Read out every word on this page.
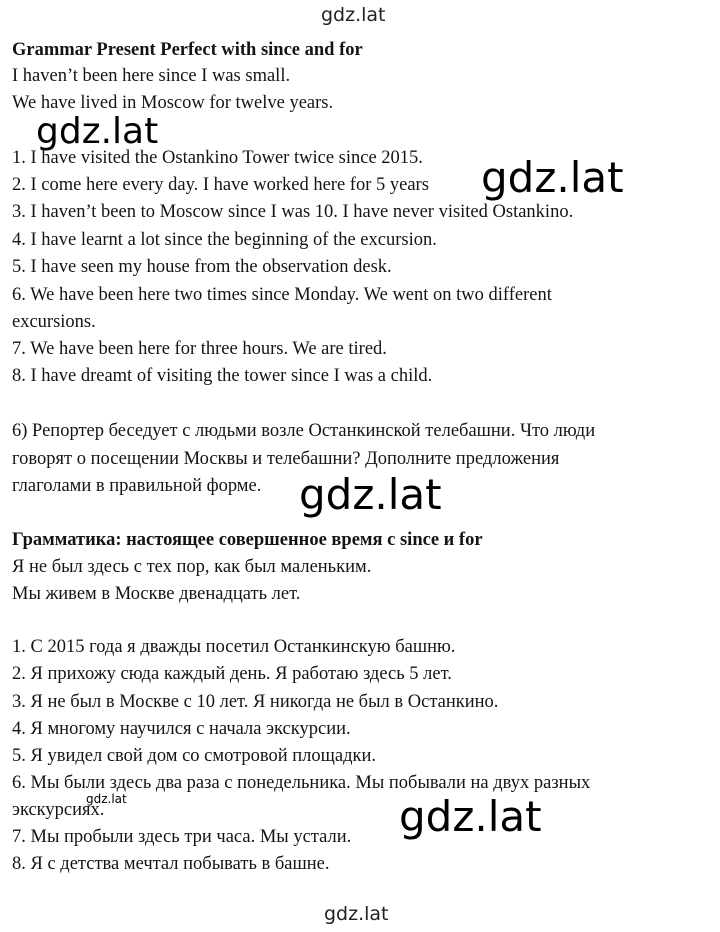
gdz.lat
Grammar Present Perfect with since and for
I haven’t been here since I was small.
We have lived in Moscow for twelve years.
gdz.lat
1. I have visited the Ostankino Tower twice since 2015.
2. I come here every day. I have worked here for 5 years gdz.lat
3. I haven’t been to Moscow since I was 10. I have never visited Ostankino.
4. I have learnt a lot since the beginning of the excursion.
5. I have seen my house from the observation desk.
6. We have been here two times since Monday. We went on two different
excursions.
7. We have been here for three hours. We are tired.
8. I have dreamt of visiting the tower since I was a child.
6) Репортер беседует с людьми возле Останкинской телебашни. Что люди
говорят о посещении Москвы и телебашни? Дополните предложения
глаголами в правильной форме. gdz.lat
Грамматика: настоящее совершенное время с since и for
Я не был здесь с тех пор, как был маленьким.
Мы живем в Москве двенадцать лет.
1. С 2015 года я дважды посетил Останкинскую башню.
2. Я прихожу сюда каждый день. Я работаю здесь 5 лет.
3. Я не был в Москве с 10 лет. Я никогда не был в Останкино.
4. Я многому научился с начала экскурсии.
5. Я увидел свой дом со смотровой площадки.
6. Мы были здесь два раза с понедельника. Мы побывали на двух разных
gdz.lat
экскурсиях.	gdz.lat
7. Мы пробыли здесь три часа. Мы устали.
8. Я с детства мечтал побывать в башне.
gdz.lat
